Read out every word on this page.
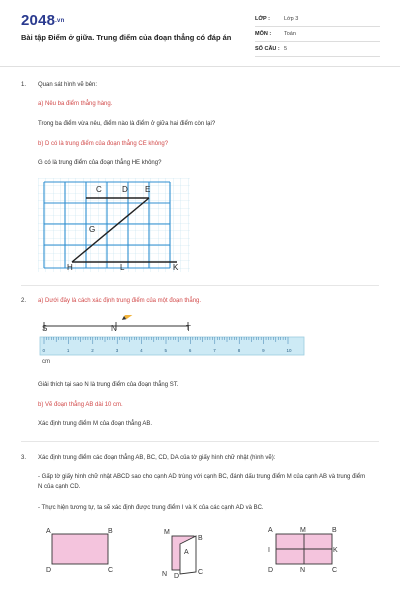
2048.vn
Bài tập Điểm ở giữa. Trung điểm của đoạn thẳng có đáp án
LỚP :	Lớp 3
MÔN : Toán
SỐ CÂU : 5
1. Quan sát hình vẽ bên:
a) Nêu ba điểm thẳng hàng.
Trong ba điểm vừa nêu, điểm nào là điểm ở giữa hai điểm còn lại?
b) D có là trung điểm của đoạn thẳng CE không?
G có là trung điểm của đoạn thẳng HE không?
C	D E
G
H	L	K
2. a) Dưới đây là cách xác định trung điểm của một đoạn thẳng.
S	N	T
0	1	2	3	4	5	6	7	8	9	10
cm
Giải thích tại sao N là trung điểm của đoạn thẳng ST.
b) Vẽ đoạn thẳng AB dài 10 cm.
Xác định trung điểm M của đoạn thẳng AB.
3. Xác định trung điểm các đoạn thẳng AB, BC, CD, DA của tờ giấy hình chữ nhật (hình vẽ):
- Gấp tờ giấy hình chữ nhật ABCD sao cho cạnh AD trùng với cạnh BC, đánh dấu trung điểm M của cạnh AB và trung điểm N của cạnh CD.
- Thực hiện tương tự, ta sẽ xác định được trung điểm I và K của các cạnh AD và BC.
A	B
D	C
M
B
A
N D
C
A	M	B
I	K
D	N	C
